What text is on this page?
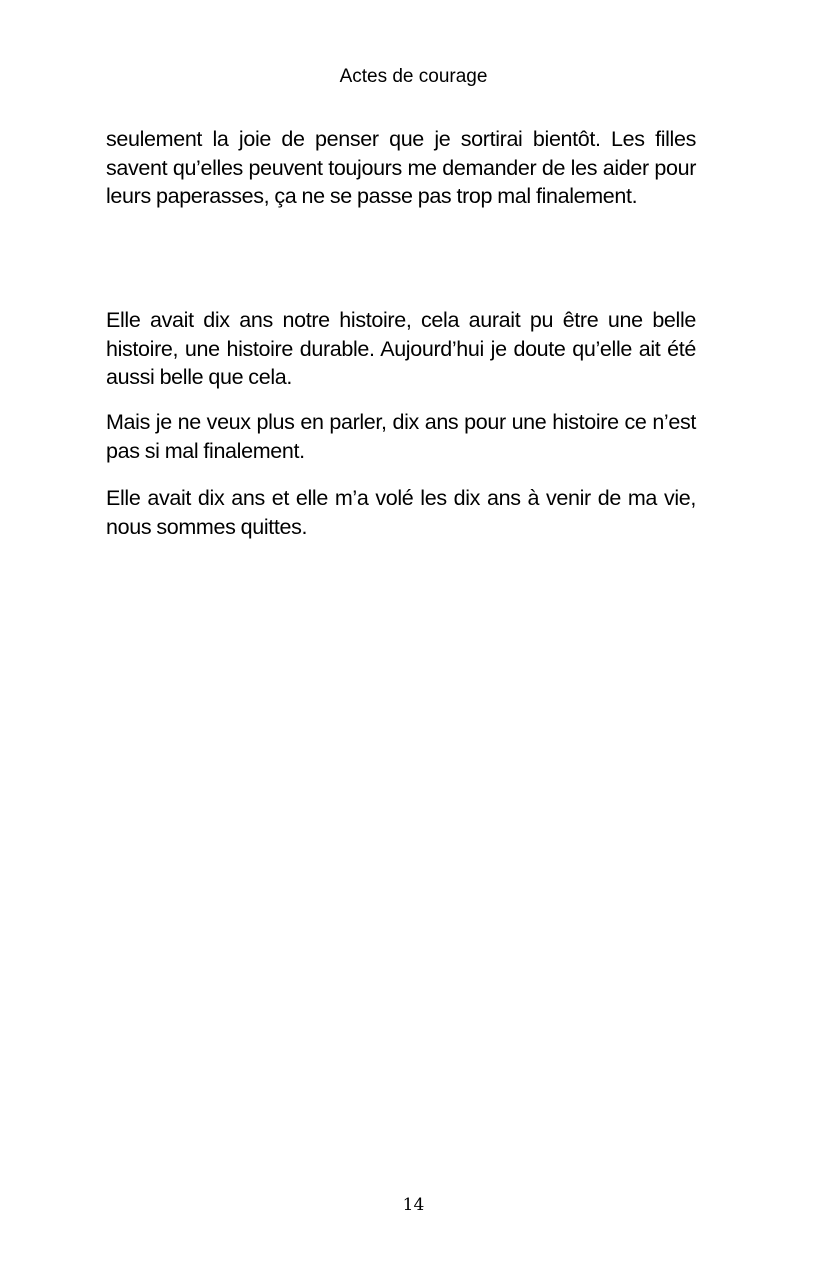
Actes de courage

seulement la joie de penser que je sortirai bientôt. Les filles savent qu’elles peuvent toujours me demander de les aider pour leurs paperasses, ça ne se passe pas trop mal finalement.

Elle avait dix ans notre histoire, cela aurait pu être une belle histoire, une histoire durable. Aujourd’hui je doute qu’elle ait été aussi belle que cela.

Mais je ne veux plus en parler, dix ans pour une histoire ce n’est pas si mal finalement.

Elle avait dix ans et elle m’a volé les dix ans à venir de ma vie, nous sommes quittes.

14
